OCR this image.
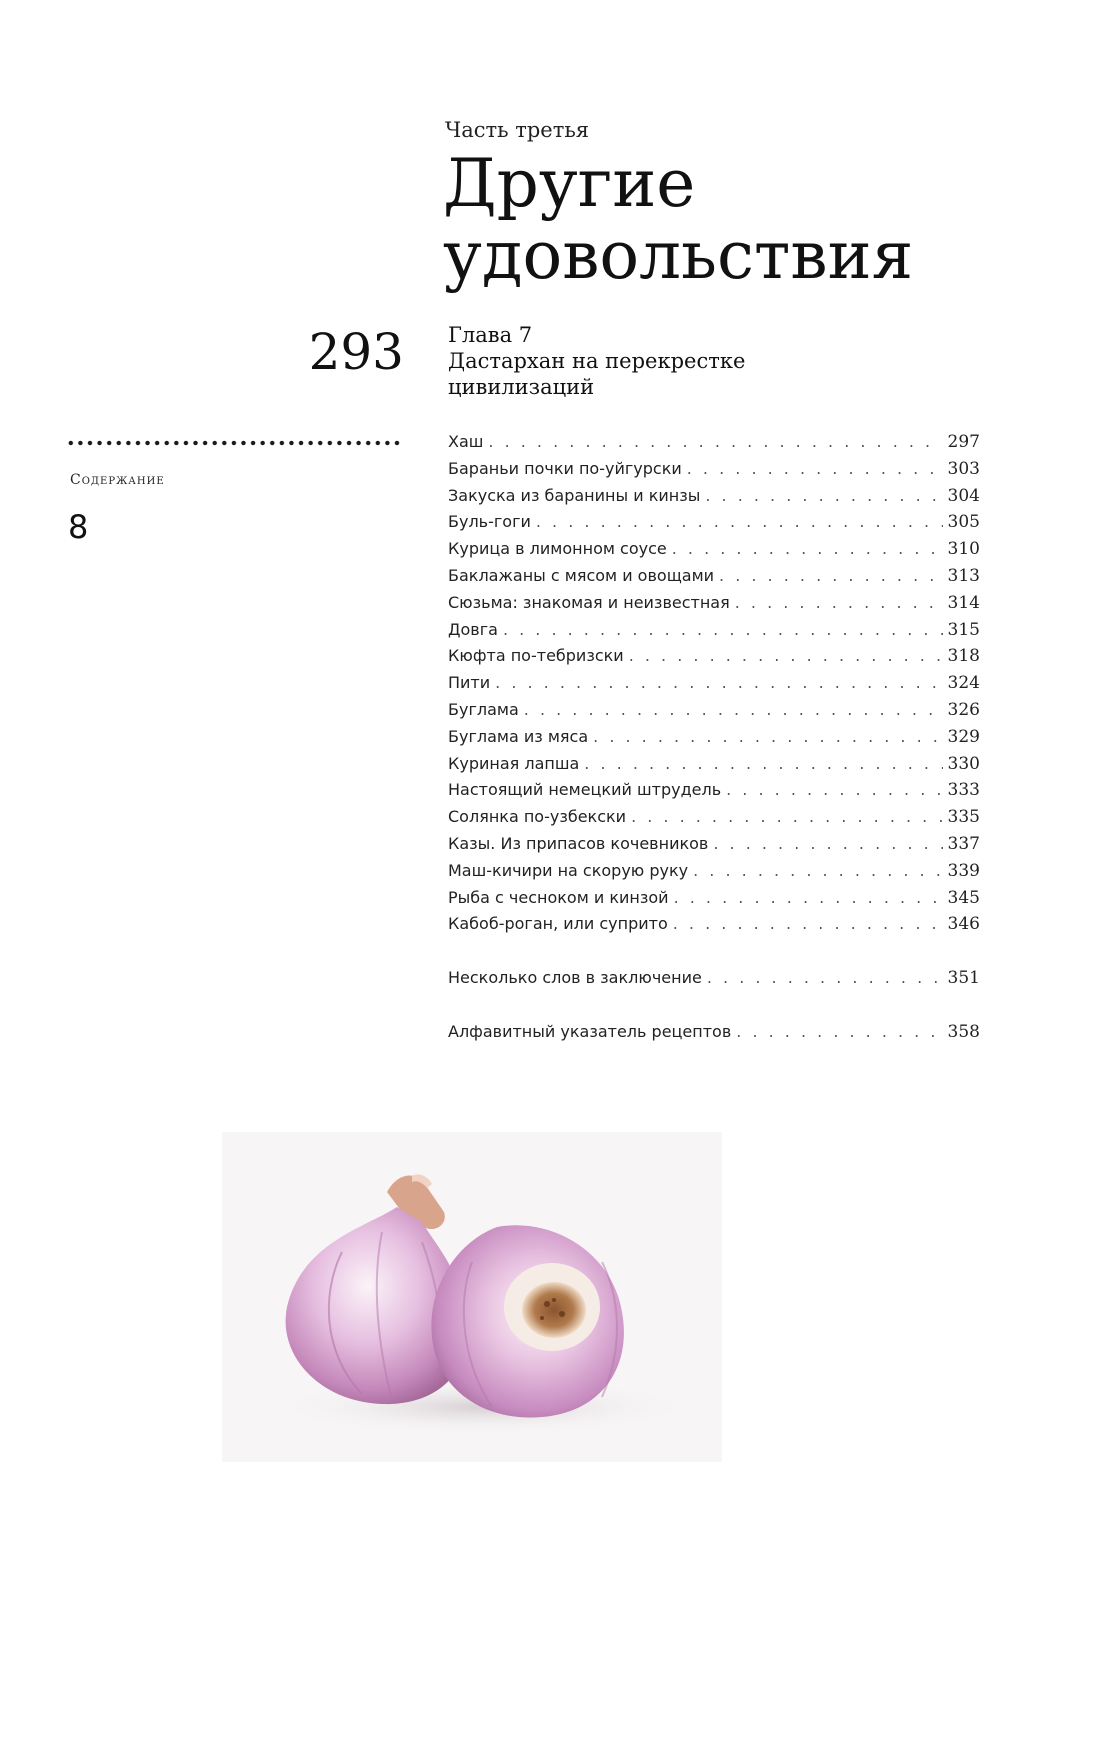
Часть третья
Другие
удовольствия
293 Глава 7
Дастархан на перекрестке
цивилизаций
Содержание
8
Хаш . . .	297
Бараньи почки по-уйгурски . . .	303
Закуска из баранины и кинзы . . .	304
Буль-гоги . . .	305
Курица в лимонном соусе . . .	310
Баклажаны с мясом и овощами . . .	313
Сюзьма: знакомая и неизвестная . . .	314
Довга . . .	315
Кюфта по-тебризски . . .	318
Пити . . .	324
Буглама . . .	326
Буглама из мяса . . .	329
Куриная лапша . . .	330
Настоящий немецкий штрудель . . .	333
Солянка по-узбекски . . .	335
Казы. Из припасов кочевников . . .	337
Маш-кичири на скорую руку . . .	339
Рыба с чесноком и кинзой . . .	345
Кабоб-роган, или суприто . . .	346
Несколько слов в заключение . . .	351
Алфавитный указатель рецептов . . .	358
